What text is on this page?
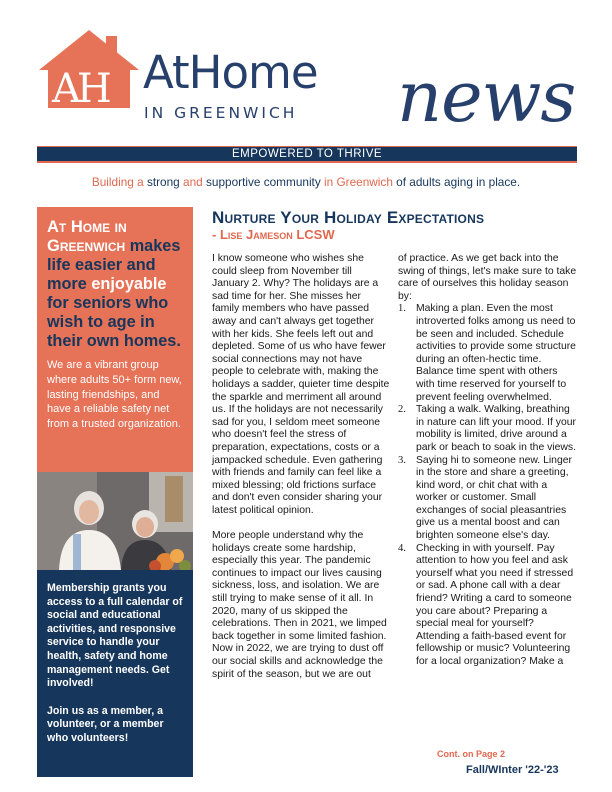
AH AtHome
IN GREENWICH news
EMPOWERED TO THRIVE
Building a strong and supportive community in Greenwich of adults aging in place.
At Home in
Greenwich makes life easier and more enjoyable for seniors who wish to age in their own homes.
We are a vibrant group where adults 50+ form new, lasting friendships, and have a reliable safety net from a trusted organization.
Membership grants you access to a full calendar of social and educational activities, and responsive service to handle your health, safety and home management needs. Get involved!
Join us as a member, a volunteer, or a member who volunteers!
Nurture Your Holiday Expectations
- Lise Jameson LCSW

I know someone who wishes she could sleep from November till January 2. Why? The holidays are a sad time for her. She misses her family members who have passed away and can't always get together with her kids. She feels left out and depleted. Some of us who have fewer social connections may not have people to celebrate with, making the holidays a sadder, quieter time despite the sparkle and merriment all around us. If the holidays are not necessarily sad for you, I seldom meet someone who doesn't feel the stress of preparation, expectations, costs or a jampacked schedule. Even gathering with friends and family can feel like a mixed blessing; old frictions surface and don't even consider sharing your latest political opinion.

More people understand why the holidays create some hardship, especially this year. The pandemic continues to impact our lives causing sickness, loss, and isolation. We are still trying to make sense of it all. In 2020, many of us skipped the celebrations. Then in 2021, we limped back together in some limited fashion. Now in 2022, we are trying to dust off our social skills and acknowledge the spirit of the season, but we are out

of practice. As we get back into the swing of things, let's make sure to take care of ourselves this holiday season by:

1. Making a plan. Even the most introverted folks among us need to be seen and included. Schedule activities to provide some structure during an often-hectic time. Balance time spent with others with time reserved for yourself to prevent feeling overwhelmed.
2. Taking a walk. Walking, breathing in nature can lift your mood. If your mobility is limited, drive around a park or beach to soak in the views.
3. Saying hi to someone new. Linger in the store and share a greeting, kind word, or chit chat with a worker or customer. Small exchanges of social pleasantries give us a mental boost and can brighten someone else's day.
4. Checking in with yourself. Pay attention to how you feel and ask yourself what you need if stressed or sad. A phone call with a dear friend? Writing a card to someone you care about? Preparing a special meal for yourself? Attending a faith-based event for fellowship or music? Volunteering for a local organization? Make a
Cont. on Page 2
Fall/WInter '22-'23
